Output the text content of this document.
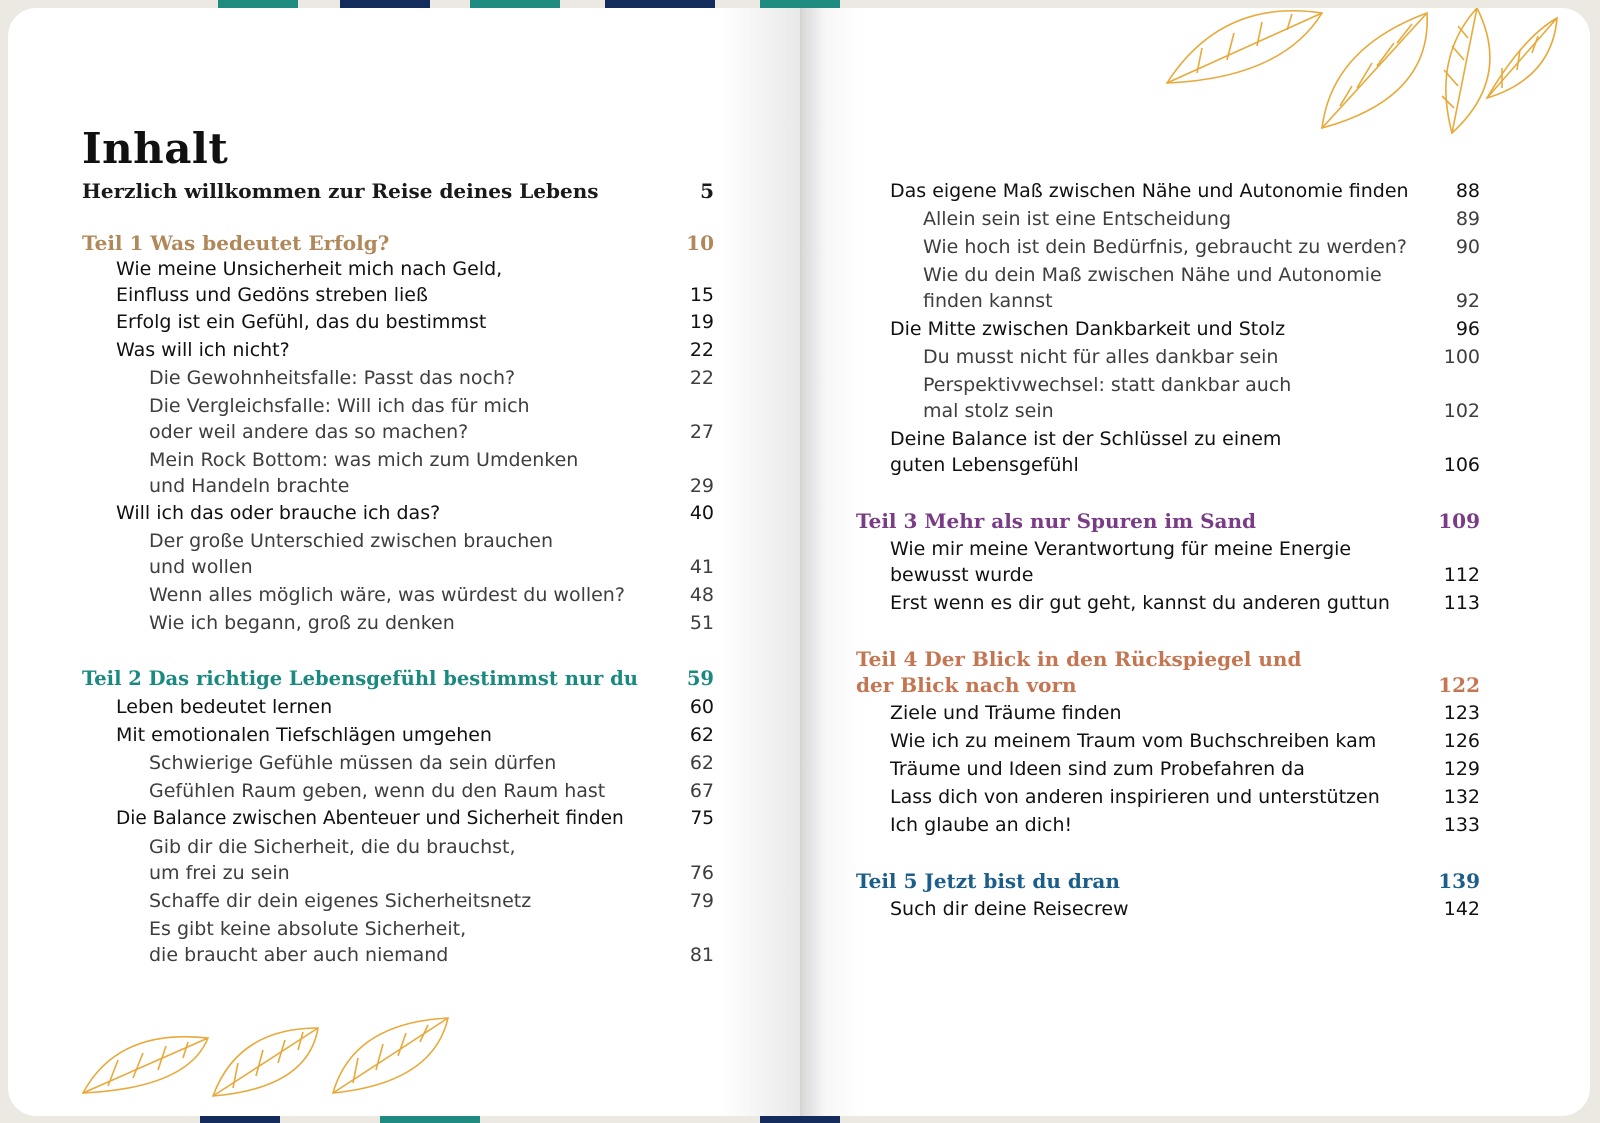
Inhalt
Herzlich willkommen zur Reise deines Lebens	5
Teil 1 Was bedeutet Erfolg?	10
Wie meine Unsicherheit mich nach Geld,
Einfluss und Gedöns streben ließ	15
Erfolg ist ein Gefühl, das du bestimmst	19
Was will ich nicht?	22
Die Gewohnheitsfalle: Passt das noch?	22
Die Vergleichsfalle: Will ich das für mich
oder weil andere das so machen?	27
Mein Rock Bottom: was mich zum Umdenken
und Handeln brachte	29
Will ich das oder brauche ich das?	40
Der große Unterschied zwischen brauchen
und wollen	41
Wenn alles möglich wäre, was würdest du wollen?	48
Wie ich begann, groß zu denken	51
Teil 2 Das richtige Lebensgefühl bestimmst nur du	59
Leben bedeutet lernen	60
Mit emotionalen Tiefschlägen umgehen	62
Schwierige Gefühle müssen da sein dürfen	62
Gefühlen Raum geben, wenn du den Raum hast	67
Die Balance zwischen Abenteuer und Sicherheit finden	75
Gib dir die Sicherheit, die du brauchst,
um frei zu sein	76
Schaffe dir dein eigenes Sicherheitsnetz	79
Es gibt keine absolute Sicherheit,
die braucht aber auch niemand	81
Das eigene Maß zwischen Nähe und Autonomie finden	88
Allein sein ist eine Entscheidung	89
Wie hoch ist dein Bedürfnis, gebraucht zu werden?	90
Wie du dein Maß zwischen Nähe und Autonomie
finden kannst	92
Die Mitte zwischen Dankbarkeit und Stolz	96
Du musst nicht für alles dankbar sein	100
Perspektivwechsel: statt dankbar auch
mal stolz sein	102
Deine Balance ist der Schlüssel zu einem
guten Lebensgefühl	106
Teil 3 Mehr als nur Spuren im Sand	109
Wie mir meine Verantwortung für meine Energie
bewusst wurde	112
Erst wenn es dir gut geht, kannst du anderen guttun	113
Teil 4 Der Blick in den Rückspiegel und
der Blick nach vorn	122
Ziele und Träume finden	123
Wie ich zu meinem Traum vom Buchschreiben kam	126
Träume und Ideen sind zum Probefahren da	129
Lass dich von anderen inspirieren und unterstützen	132
Ich glaube an dich!	133
Teil 5 Jetzt bist du dran	139
Such dir deine Reisecrew	142
